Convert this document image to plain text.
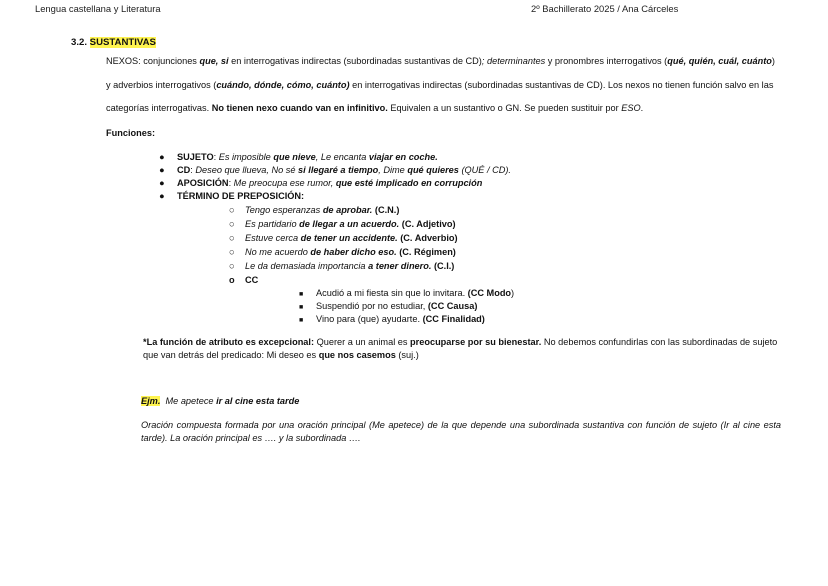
Lengua castellana y Literatura	2º Bachillerato 2025 / Ana Cárceles
3.2. SUSTANTIVAS
NEXOS: conjunciones que, si en interrogativas indirectas (subordinadas sustantivas de CD); determinantes y pronombres interrogativos (qué, quién, cuál, cuánto) y adverbios interrogativos (cuándo, dónde, cómo, cuánto) en interrogativas indirectas (subordinadas sustantivas de CD). Los nexos no tienen función salvo en las categorías interrogativas. No tienen nexo cuando van en infinitivo. Equivalen a un sustantivo o GN. Se pueden sustituir por ESO.
Funciones:
● SUJETO: Es imposible que nieve, Le encanta viajar en coche.
● CD: Deseo que llueva, No sé si llegaré a tiempo, Dime qué quieres (QUÉ / CD).
● APOSICIÓN: Me preocupa ese rumor, que esté implicado en corrupción
● TÉRMINO DE PREPOSICIÓN:
○ Tengo esperanzas de aprobar. (C.N.)
○ Es partidario de llegar a un acuerdo. (C. Adjetivo)
○ Estuve cerca de tener un accidente. (C. Adverbio)
○ No me acuerdo de haber dicho eso. (C. Régimen)
○ Le da demasiada importancia a tener dinero. (C.I.)
o CC
■ Acudió a mi fiesta sin que lo invitara. (CC Modo)
■ Suspendió por no estudiar, (CC Causa)
■ Vino para (que) ayudarte. (CC Finalidad)
*La función de atributo es excepcional: Querer a un animal es preocuparse por su bienestar. No debemos confundirlas con las subordinadas de sujeto que van detrás del predicado: Mi deseo es que nos casemos (suj.)
Ejm.  Me apetece ir al cine esta tarde
Oración compuesta formada por una oración principal (Me apetece) de la que depende una subordinada sustantiva con función de sujeto (Ir al cine esta tarde). La oración principal es …. y la subordinada ….
